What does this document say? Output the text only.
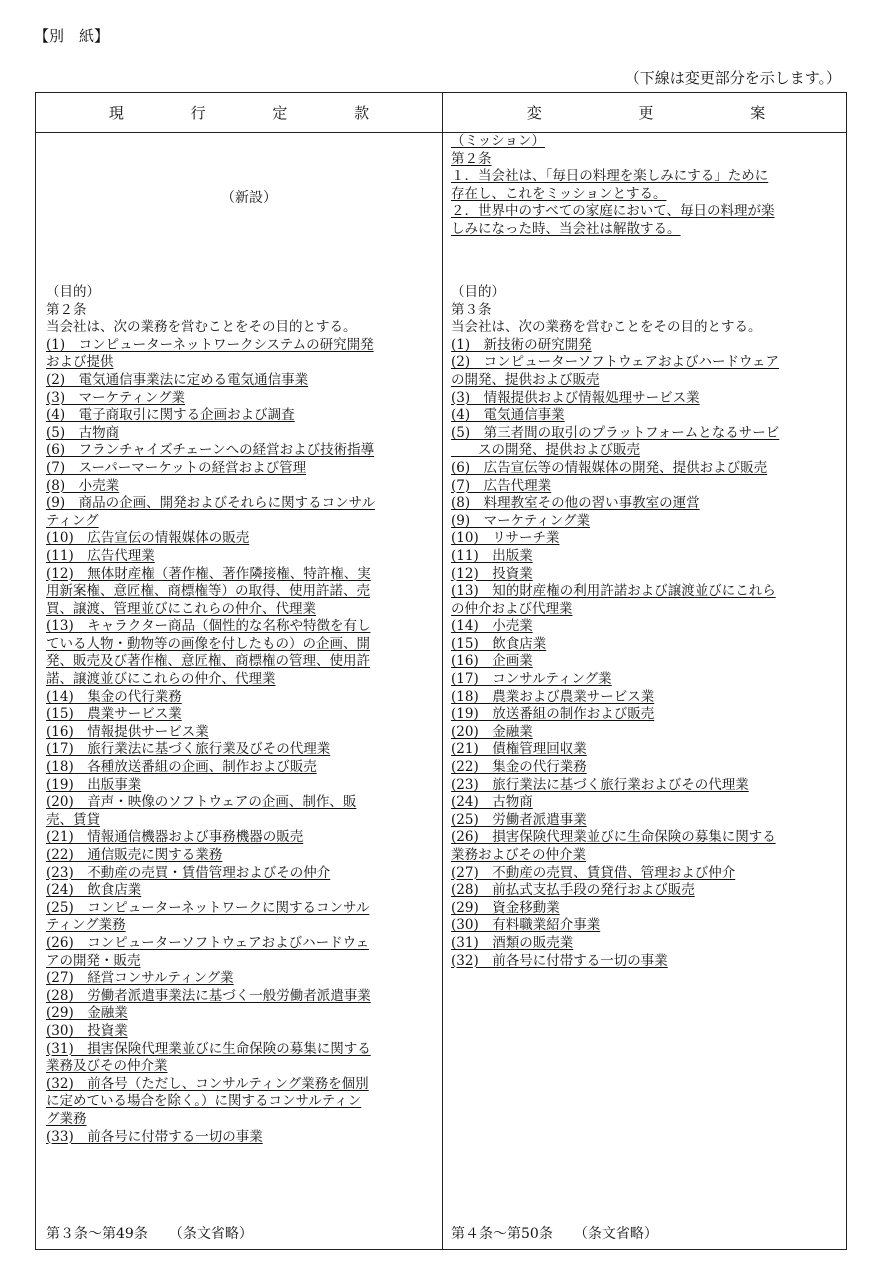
【別　紙】
（下線は変更部分を示します。）
現 行 定 款	変 更 案
（新設）
（目的）
第２条
当会社は、次の業務を営むことをその目的とする。
(1)　コンピューターネットワークシステムの研究開発
および提供
(2)　電気通信事業法に定める電気通信事業
(3)　マーケティング業
(4)　電子商取引に関する企画および調査
(5)　古物商
(6)　フランチャイズチェーンへの経営および技術指導
(7)　スーパーマーケットの経営および管理
(8)　小売業
(9)　商品の企画、開発およびそれらに関するコンサル
ティング
(10)　広告宣伝の情報媒体の販売
(11)　広告代理業
(12)　無体財産権（著作権、著作隣接権、特許権、実
用新案権、意匠権、商標権等）の取得、使用許諾、売
買、譲渡、管理並びにこれらの仲介、代理業
(13)　キャラクター商品（個性的な名称や特徴を有し
ている人物・動物等の画像を付したもの）の企画、開
発、販売及び著作権、意匠権、商標権の管理、使用許
諾、譲渡並びにこれらの仲介、代理業
(14)　集金の代行業務
(15)　農業サービス業
(16)　情報提供サービス業
(17)　旅行業法に基づく旅行業及びその代理業
(18)　各種放送番組の企画、制作および販売
(19)　出版事業
(20)　音声・映像のソフトウェアの企画、制作、販
売、賃貸
(21)　情報通信機器および事務機器の販売
(22)　通信販売に関する業務
(23)　不動産の売買・賃借管理およびその仲介
(24)　飲食店業
(25)　コンピューターネットワークに関するコンサル
ティング業務
(26)　コンピューターソフトウェアおよびハードウェ
アの開発・販売
(27)　経営コンサルティング業
(28)　労働者派遣事業法に基づく一般労働者派遣事業
(29)　金融業
(30)　投資業
(31)　損害保険代理業並びに生命保険の募集に関する
業務及びその仲介業
(32)　前各号（ただし、コンサルティング業務を個別
に定めている場合を除く。）に関するコンサルティン
グ業務
(33)　前各号に付帯する一切の事業
（ミッション）
第２条
１．当会社は、「毎日の料理を楽しみにする」ために
存在し、これをミッションとする。
２．世界中のすべての家庭において、毎日の料理が楽
しみになった時、当会社は解散する。
（目的）
第３条
当会社は、次の業務を営むことをその目的とする。
(1)　新技術の研究開発
(2)　コンピューターソフトウェアおよびハードウェア
の開発、提供および販売
(3)　情報提供および情報処理サービス業
(4)　電気通信事業
(5)　第三者間の取引のプラットフォームとなるサービ
　　スの開発、提供および販売
(6)　広告宣伝等の情報媒体の開発、提供および販売
(7)　広告代理業
(8)　料理教室その他の習い事教室の運営
(9)　マーケティング業
(10)　リサーチ業
(11)　出版業
(12)　投資業
(13)　知的財産権の利用許諾および譲渡並びにこれら
の仲介および代理業
(14)　小売業
(15)　飲食店業
(16)　企画業
(17)　コンサルティング業
(18)　農業および農業サービス業
(19)　放送番組の制作および販売
(20)　金融業
(21)　債権管理回収業
(22)　集金の代行業務
(23)　旅行業法に基づく旅行業およびその代理業
(24)　古物商
(25)　労働者派遣事業
(26)　損害保険代理業並びに生命保険の募集に関する
業務およびその仲介業
(27)　不動産の売買、賃貸借、管理および仲介
(28)　前払式支払手段の発行および販売
(29)　資金移動業
(30)　有料職業紹介事業
(31)　酒類の販売業
(32)　前各号に付帯する一切の事業
第３条～第49条　　（条文省略）	第４条～第50条　　（条文省略）
